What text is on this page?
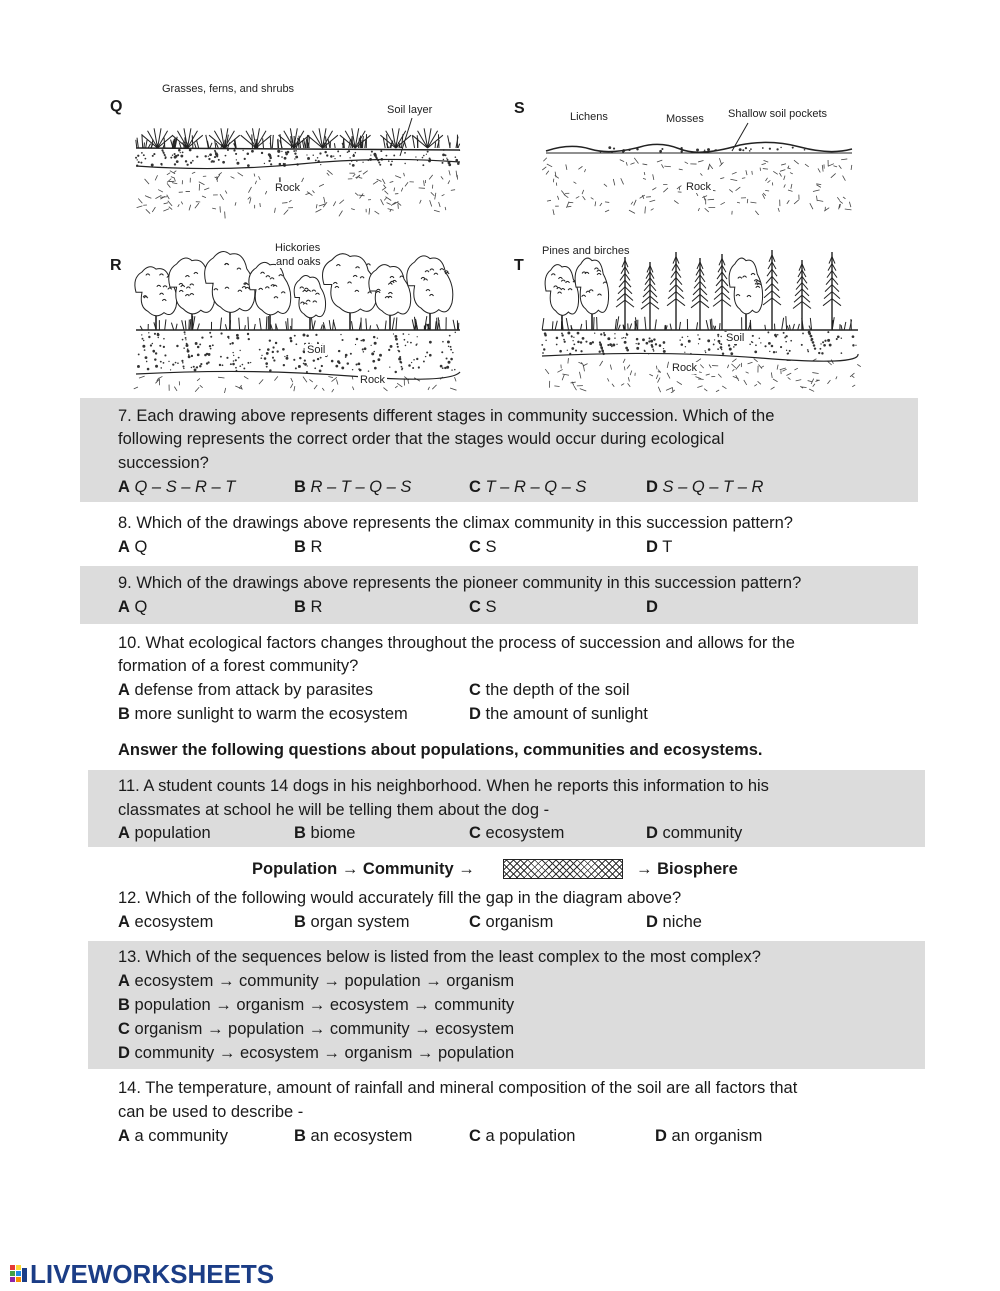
Q
Grasses, ferns, and shrubs
Soil layer
Rock
S	Lichens	Mosses Shallow soil pockets
Rock
R
Hickories
and oaks
Soil
Rock
T
Pines and birches
Soil
Rock
7. Each drawing above represents different stages in community succession. Which of the
following represents the correct order that the stages would occur during ecological
succession?
A Q – S – R – T	B R – T – Q – S	C T – R – Q – S	D S – Q – T – R
8. Which of the drawings above represents the climax community in this succession pattern?
A Q	B R	C S	D T
9. Which of the drawings above represents the pioneer community in this succession pattern?
A Q	B R	C S	D
10. What ecological factors changes throughout the process of succession and allows for the
formation of a forest community?
A defense from attack by parasites	C the depth of the soil
B more sunlight to warm the ecosystem	D the amount of sunlight
Answer the following questions about populations, communities and ecosystems.
11. A student counts 14 dogs in his neighborhood. When he reports this information to his
classmates at school he will be telling them about the dog -
A population	B biome	C ecosystem	D community
Population → Community →	→ Biosphere
12. Which of the following would accurately fill the gap in the diagram above?
A ecosystem	B organ system	C organism	D niche
13. Which of the sequences below is listed from the least complex to the most complex?
A ecosystem → community → population → organism
B population → organism → ecosystem → community
C organism → population → community → ecosystem
D community → ecosystem → organism → population
14. The temperature, amount of rainfall and mineral composition of the soil are all factors that
can be used to describe -
A a community	B an ecosystem	C a population	D an organism
LIVEWORKSHEETS
